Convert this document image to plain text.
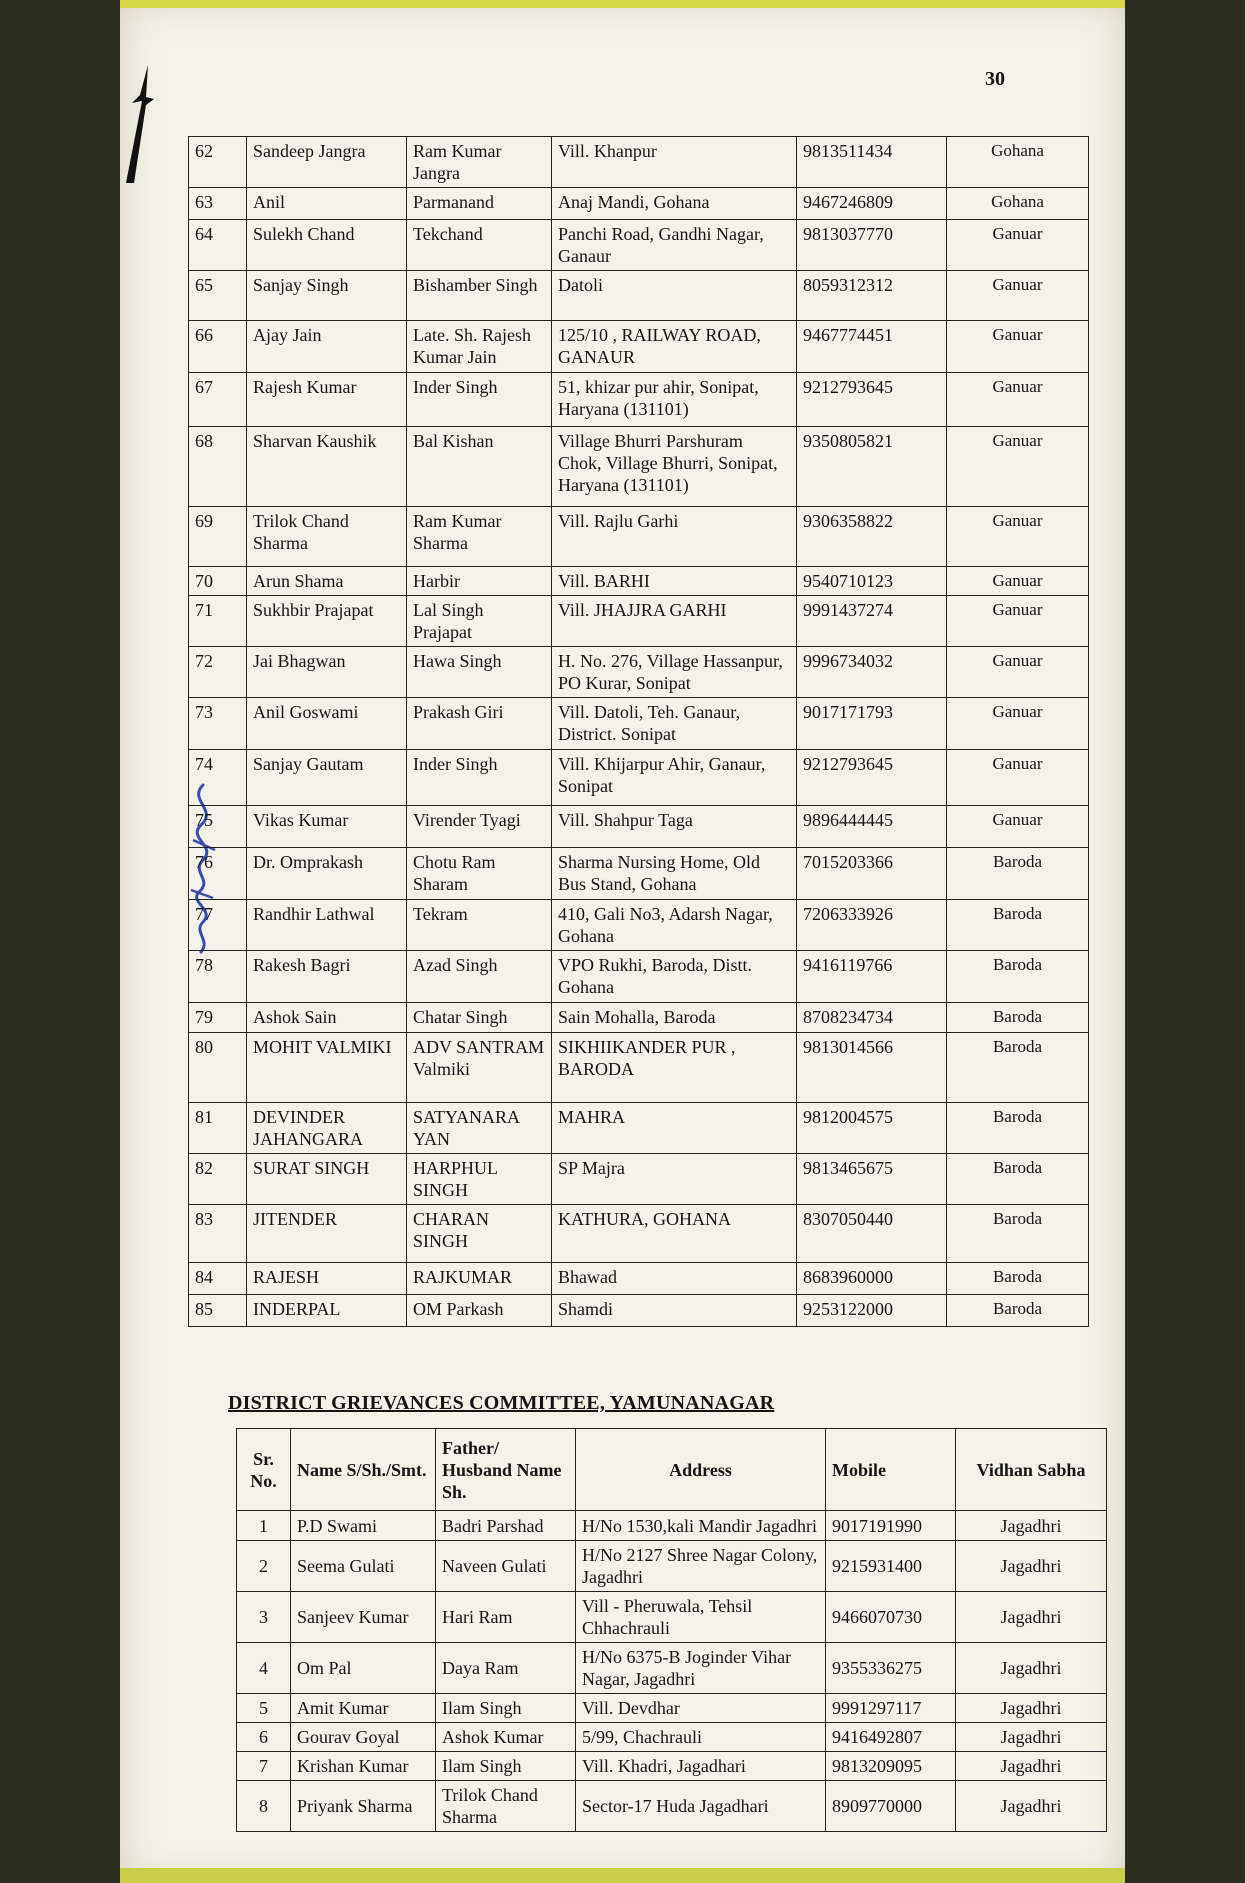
30
62	Sandeep Jangra	Ram Kumar Jangra	Vill. Khanpur	9813511434	Gohana
63	Anil	Parmanand	Anaj Mandi, Gohana	9467246809	Gohana
64	Sulekh Chand	Tekchand	Panchi Road, Gandhi Nagar, Ganaur	9813037770	Ganuar
65	Sanjay Singh	Bishamber Singh	Datoli	8059312312	Ganuar
66	Ajay Jain	Late. Sh. Rajesh Kumar Jain	125/10 , RAILWAY ROAD, GANAUR	9467774451	Ganuar
67	Rajesh Kumar	Inder Singh	51, khizar pur ahir, Sonipat, Haryana (131101)	9212793645	Ganuar
68	Sharvan Kaushik	Bal Kishan	Village Bhurri Parshuram Chok, Village Bhurri, Sonipat, Haryana (131101)	9350805821	Ganuar
69	Trilok Chand Sharma	Ram Kumar Sharma	Vill. Rajlu Garhi	9306358822	Ganuar
70	Arun Shama	Harbir	Vill. BARHI	9540710123	Ganuar
71	Sukhbir Prajapat	Lal Singh Prajapat	Vill. JHAJJRA GARHI	9991437274	Ganuar
72	Jai Bhagwan	Hawa Singh	H. No. 276, Village Hassanpur, PO Kurar, Sonipat	9996734032	Ganuar
73	Anil Goswami	Prakash Giri	Vill. Datoli, Teh. Ganaur, District. Sonipat	9017171793	Ganuar
74	Sanjay Gautam	Inder Singh	Vill. Khijarpur Ahir, Ganaur, Sonipat	9212793645	Ganuar
75	Vikas Kumar	Virender Tyagi	Vill. Shahpur Taga	9896444445	Ganuar
76	Dr. Omprakash	Chotu Ram Sharam	Sharma Nursing Home, Old Bus Stand, Gohana	7015203366	Baroda
77	Randhir Lathwal	Tekram	410, Gali No3, Adarsh Nagar, Gohana	7206333926	Baroda
78	Rakesh Bagri	Azad Singh	VPO Rukhi, Baroda, Distt. Gohana	9416119766	Baroda
79	Ashok Sain	Chatar Singh	Sain Mohalla, Baroda	8708234734	Baroda
80	MOHIT VALMIKI	ADV SANTRAM Valmiki	SIKHIIKANDER PUR , BARODA	9813014566	Baroda
81	DEVINDER JAHANGARA	SATYANARA YAN	MAHRA	9812004575	Baroda
82	SURAT SINGH	HARPHUL SINGH	SP Majra	9813465675	Baroda
83	JITENDER	CHARAN SINGH	KATHURA, GOHANA	8307050440	Baroda
84	RAJESH	RAJKUMAR	Bhawad	8683960000	Baroda
85	INDERPAL	OM Parkash	Shamdi	9253122000	Baroda
DISTRICT GRIEVANCES COMMITTEE, YAMUNANAGAR
Sr. No.	Name S/Sh./Smt.	Father/ Husband Name Sh.	Address	Mobile	Vidhan Sabha
1	P.D Swami	Badri Parshad	H/No 1530,kali Mandir Jagadhri	9017191990	Jagadhri
2	Seema Gulati	Naveen Gulati	H/No 2127 Shree Nagar Colony, Jagadhri	9215931400	Jagadhri
3	Sanjeev Kumar	Hari Ram	Vill - Pheruwala, Tehsil Chhachrauli	9466070730	Jagadhri
4	Om Pal	Daya Ram	H/No 6375-B Joginder Vihar Nagar, Jagadhri	9355336275	Jagadhri
5	Amit Kumar	Ilam Singh	Vill. Devdhar	9991297117	Jagadhri
6	Gourav Goyal	Ashok Kumar	5/99, Chachrauli	9416492807	Jagadhri
7	Krishan Kumar	Ilam Singh	Vill. Khadri, Jagadhari	9813209095	Jagadhri
8	Priyank Sharma	Trilok Chand Sharma	Sector-17 Huda Jagadhari	8909770000	Jagadhri
